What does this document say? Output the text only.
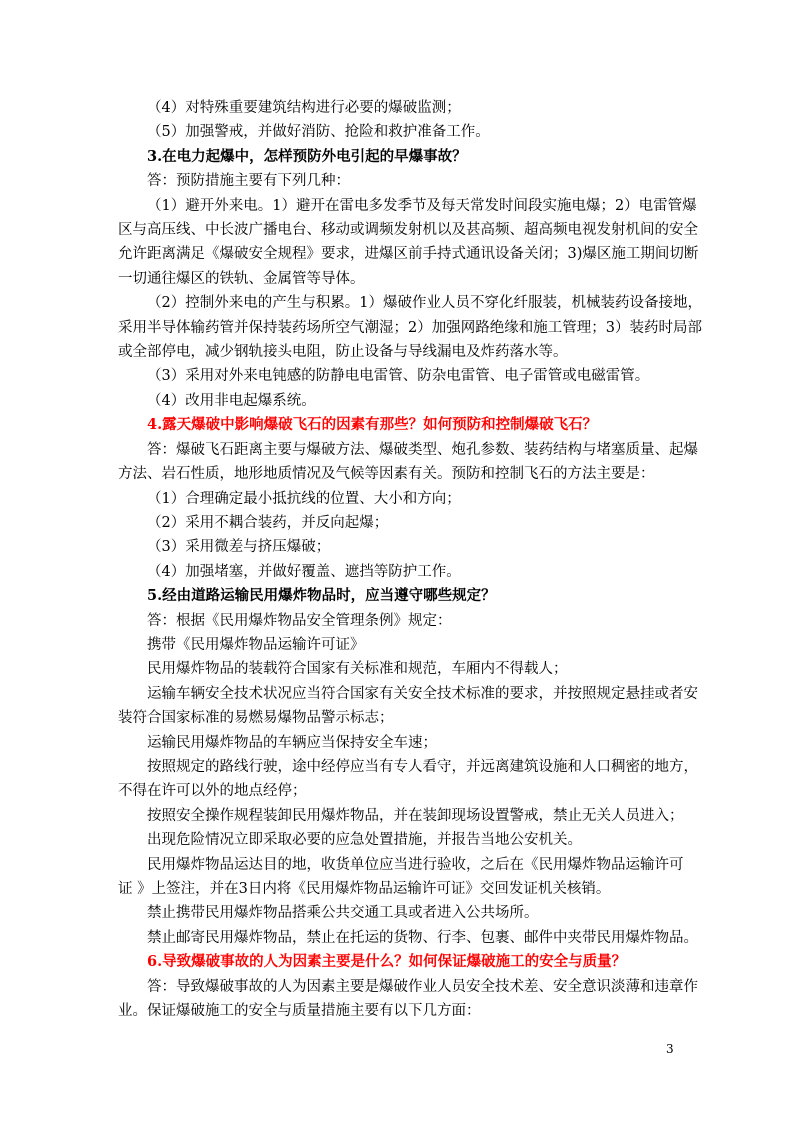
（4）对特殊重要建筑结构进行必要的爆破监测；
（5）加强警戒，并做好消防、抢险和救护准备工作。
3.在电力起爆中，怎样预防外电引起的早爆事故？
答：预防措施主要有下列几种：
（1）避开外来电。1）避开在雷电多发季节及每天常发时间段实施电爆；2）电雷管爆
区与高压线、中长波广播电台、移动或调频发射机以及甚高频、超高频电视发射机间的安全
允许距离满足《爆破安全规程》要求，进爆区前手持式通讯设备关闭；3)爆区施工期间切断
一切通往爆区的铁轨、金属管等导体。
（2）控制外来电的产生与积累。1）爆破作业人员不穿化纤服装，机械装药设备接地，
采用半导体输药管并保持装药场所空气潮湿；2）加强网路绝缘和施工管理；3）装药时局部
或全部停电，减少钢轨接头电阻，防止设备与导线漏电及炸药落水等。
（3）采用对外来电钝感的防静电电雷管、防杂电雷管、电子雷管或电磁雷管。
（4）改用非电起爆系统。
4.露天爆破中影响爆破飞石的因素有那些？如何预防和控制爆破飞石？
答：爆破飞石距离主要与爆破方法、爆破类型、炮孔参数、装药结构与堵塞质量、起爆
方法、岩石性质，地形地质情况及气候等因素有关。预防和控制飞石的方法主要是：
（1）合理确定最小抵抗线的位置、大小和方向；
（2）采用不耦合装药，并反向起爆；
（3）采用微差与挤压爆破；
（4）加强堵塞，并做好覆盖、遮挡等防护工作。
5.经由道路运输民用爆炸物品时，应当遵守哪些规定？
答：根据《民用爆炸物品安全管理条例》规定：
携带《民用爆炸物品运输许可证》
民用爆炸物品的装载符合国家有关标准和规范，车厢内不得载人；
运输车辆安全技术状况应当符合国家有关安全技术标准的要求，并按照规定悬挂或者安
装符合国家标准的易燃易爆物品警示标志；
运输民用爆炸物品的车辆应当保持安全车速；
按照规定的路线行驶，途中经停应当有专人看守，并远离建筑设施和人口稠密的地方，
不得在许可以外的地点经停；
按照安全操作规程装卸民用爆炸物品，并在装卸现场设置警戒，禁止无关人员进入；
出现危险情况立即采取必要的应急处置措施，并报告当地公安机关。
民用爆炸物品运达目的地，收货单位应当进行验收，之后在《民用爆炸物品运输许可
证 》上签注，并在3日内将《民用爆炸物品运输许可证》交回发证机关核销。
禁止携带民用爆炸物品搭乘公共交通工具或者进入公共场所。
禁止邮寄民用爆炸物品，禁止在托运的货物、行李、包裹、邮件中夹带民用爆炸物品。
6.导致爆破事故的人为因素主要是什么？如何保证爆破施工的安全与质量？
答：导致爆破事故的人为因素主要是爆破作业人员安全技术差、安全意识淡薄和违章作
业。保证爆破施工的安全与质量措施主要有以下几方面：
3
